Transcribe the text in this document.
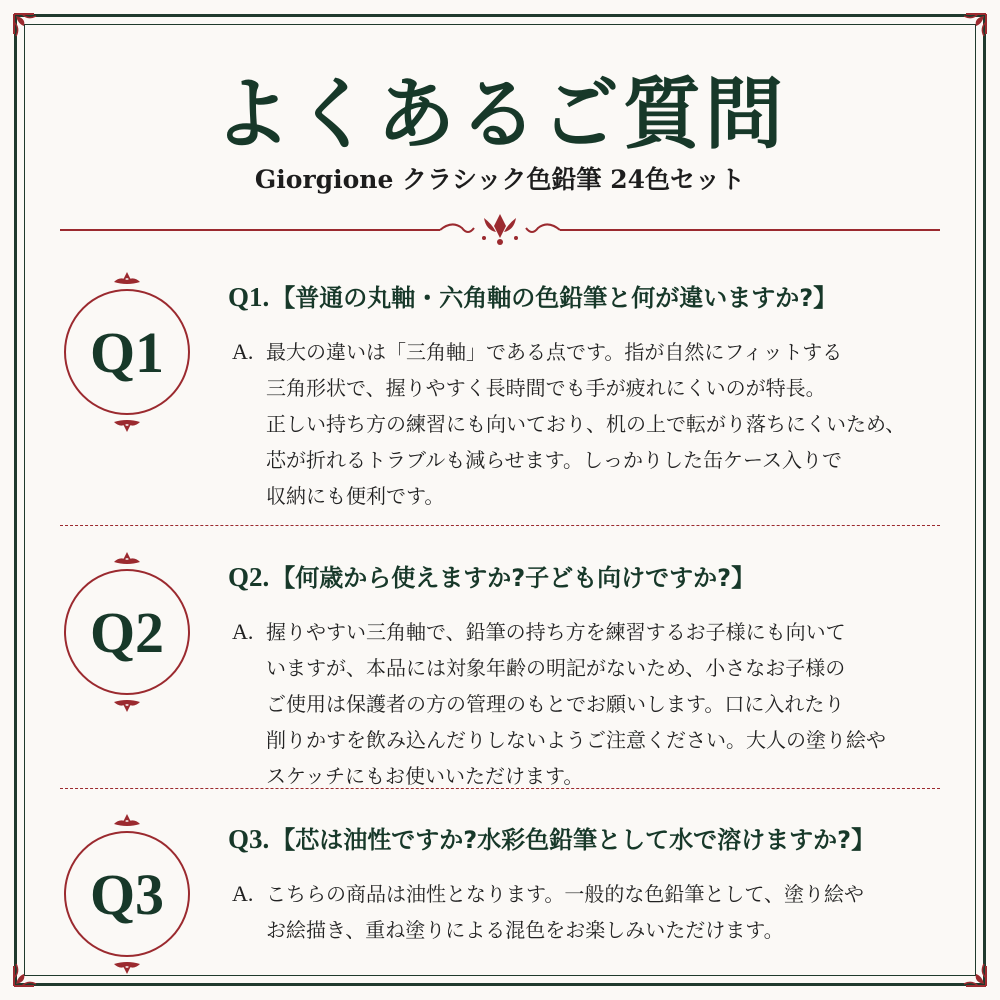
よくあるご質問
Giorgione クラシック色鉛筆 24色セット
Q1
Q1.【普通の丸軸・六角軸の色鉛筆と何が違いますか?】
A. 最大の違いは「三角軸」である点です。指が自然にフィットする
三角形状で、握りやすく長時間でも手が疲れにくいのが特長。
正しい持ち方の練習にも向いており、机の上で転がり落ちにくいため、
芯が折れるトラブルも減らせます。しっかりした缶ケース入りで
収納にも便利です。
Q2
Q2.【何歳から使えますか?子ども向けですか?】
A. 握りやすい三角軸で、鉛筆の持ち方を練習するお子様にも向いて
いますが、本品には対象年齢の明記がないため、小さなお子様の
ご使用は保護者の方の管理のもとでお願いします。口に入れたり
削りかすを飲み込んだりしないようご注意ください。大人の塗り絵や
スケッチにもお使いいただけます。
Q3
Q3.【芯は油性ですか?水彩色鉛筆として水で溶けますか?】
A. こちらの商品は油性となります。一般的な色鉛筆として、塗り絵や
お絵描き、重ね塗りによる混色をお楽しみいただけます。
